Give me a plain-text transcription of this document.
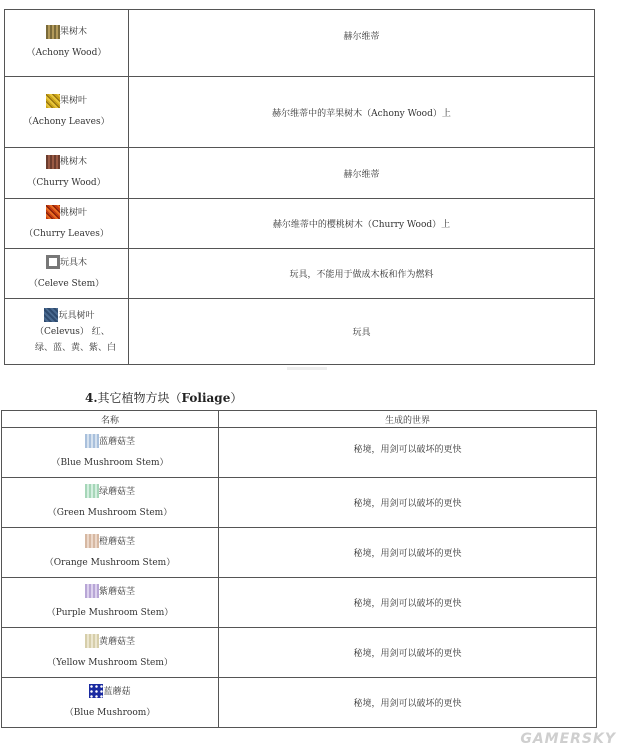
果树木
（Achony Wood）	赫尔维蒂
果树叶
（Achony Leaves）	赫尔维蒂中的苹果树木（Achony Wood）上
桃树木
（Churry Wood）	赫尔维蒂
桃树叶
（Churry Leaves）	赫尔维蒂中的樱桃树木（Churry Wood）上
玩具木
（Celeve Stem）	玩具，不能用于做成木板和作为燃料

玩具树叶
（Celevus） 红、绿、蓝、黄、紫、白	玩具
4.其它植物方块（Foliage）
名称	生成的世界
蓝蘑菇茎
（Blue Mushroom Stem）	秘境，用剑可以破坏的更快
绿蘑菇茎
（Green Mushroom Stem）	秘境，用剑可以破坏的更快
橙蘑菇茎
（Orange Mushroom Stem）	秘境，用剑可以破坏的更快
紫蘑菇茎
（Purple Mushroom Stem）	秘境，用剑可以破坏的更快
黄蘑菇茎
（Yellow Mushroom Stem）	秘境，用剑可以破坏的更快
蓝蘑菇
（Blue Mushroom）	秘境，用剑可以破坏的更快
GAMERSKY
